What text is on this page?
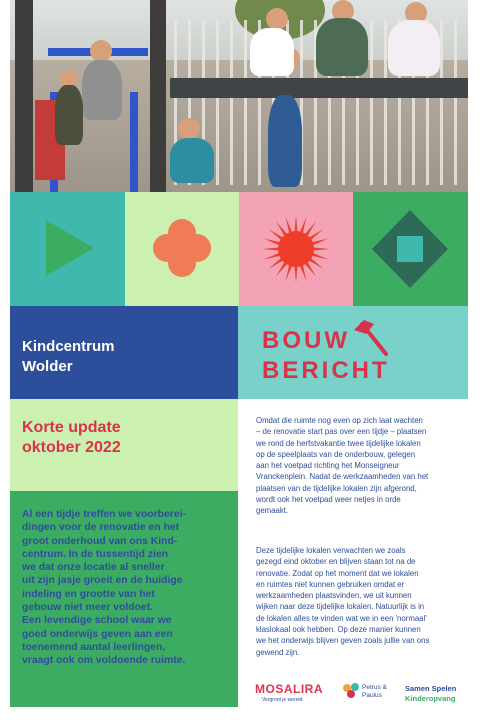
Kindcentrum
Wolder
BOUW
BERICHT
Korte update
oktober 2022
Al een tijdje treffen we voorberei-
dingen voor de renovatie en het
groot onderhoud van ons Kind-
centrum. In de tussentijd zien
we dat onze locatie al sneller
uit zijn jasje groeit en de huidige
indeling en grootte van het
gebouw niet meer voldoet.
Een levendige school waar we
goed onderwijs geven aan een
toenemend aantal leerlingen,
vraagt ook om voldoende ruimte.
Omdat die ruimte nog even op zich laat wachten
– de renovatie start pas over een tijdje – plaatsen
we rond de herfstvakantie twee tijdelijke lokalen
op de speelplaats van de onderbouw, gelegen
aan het voetpad richting het Monseigneur
Vranckenplein. Nadat de werkzaamheden van het
plaatsen van de tijdelijke lokalen zijn afgerond,
wordt ook het voetpad weer netjes in orde
gemaakt.
Deze tijdelijke lokalen verwachten we zoals
gezegd eind oktober en blijven staan tot na de
renovatie. Zodat op het moment dat we lokalen
en ruimtes niet kunnen gebruiken omdat er
werkzaamheden plaatsvinden, we uit kunnen
wijken naar deze tijdelijke lokalen. Natuurlijk is in
de lokalen alles te vinden wat we in een 'normaal'
klaslokaal ook hebben. Op deze manier kunnen
we het onderwijs blijven geven zoals jullie van ons
gewend zijn.
MOSALIRA
Vergroot je wereld
Petrus &
Paulus
Samen Spelen
Kinderopvang
